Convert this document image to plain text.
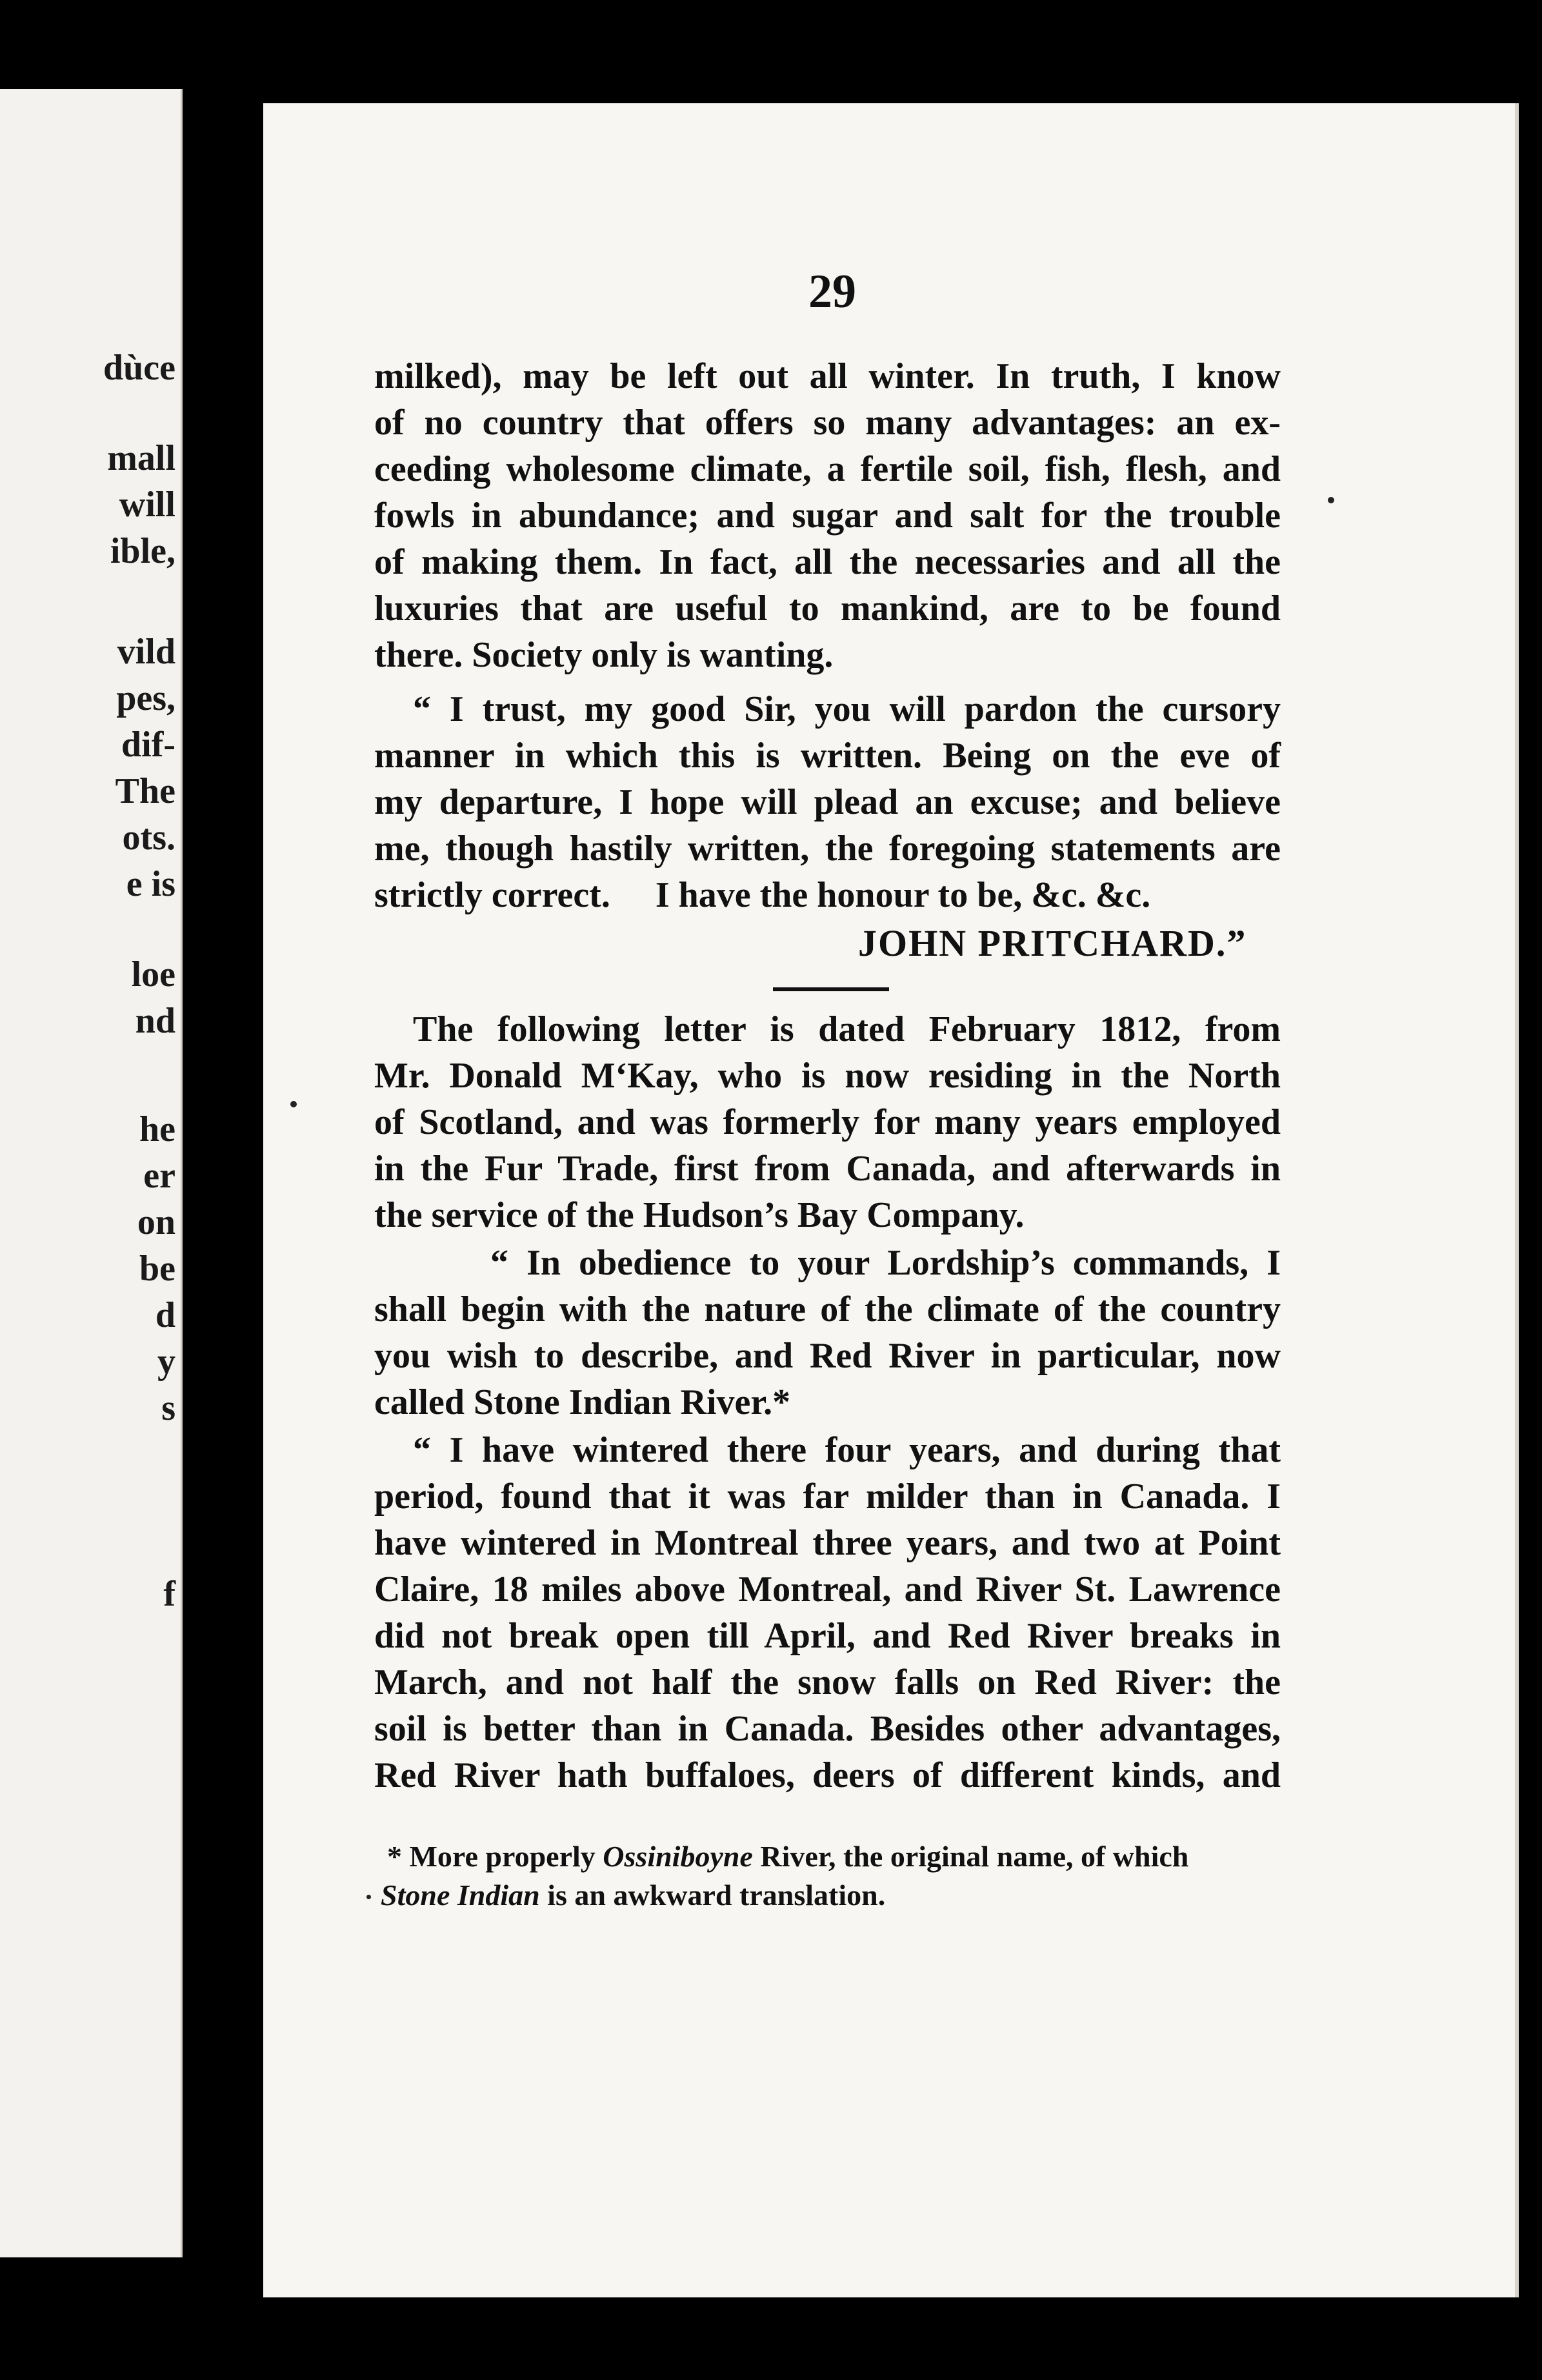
dùce
mall
will
ible,
vild
pes,
dif-
The
ots.
e is
loe
nd
he
er
on
be
d
y
s
f
29
milked), may be left out all winter. In truth, I know
of no country that offers so many advantages: an ex-
ceeding wholesome climate, a fertile soil, fish, flesh, and
fowls in abundance; and sugar and salt for the trouble
of making them. In fact, all the necessaries and all the
luxuries that are useful to mankind, are to be found
there. Society only is wanting.
“ I trust, my good Sir, you will pardon the cursory
manner in which this is written. Being on the eve of
my departure, I hope will plead an excuse; and believe
me, though hastily written, the foregoing statements are
strictly correct.     I have the honour to be, &c. &c.
JOHN PRITCHARD.”
The following letter is dated February 1812, from
Mr. Donald M‘Kay, who is now residing in the North
of Scotland, and was formerly for many years employed
in the Fur Trade, first from Canada, and afterwards in
the service of the Hudson’s Bay Company.
“ In obedience to your Lordship’s commands, I
shall begin with the nature of the climate of the country
you wish to describe, and Red River in particular, now
called Stone Indian River.*
“ I have wintered there four years, and during that
period, found that it was far milder than in Canada. I
have wintered in Montreal three years, and two at Point
Claire, 18 miles above Montreal, and River St. Lawrence
did not break open till April, and Red River breaks in
March, and not half the snow falls on Red River: the
soil is better than in Canada. Besides other advantages,
Red River hath buffaloes, deers of different kinds, and
* More properly Ossiniboyne River, the original name, of which
Stone Indian is an awkward translation.
